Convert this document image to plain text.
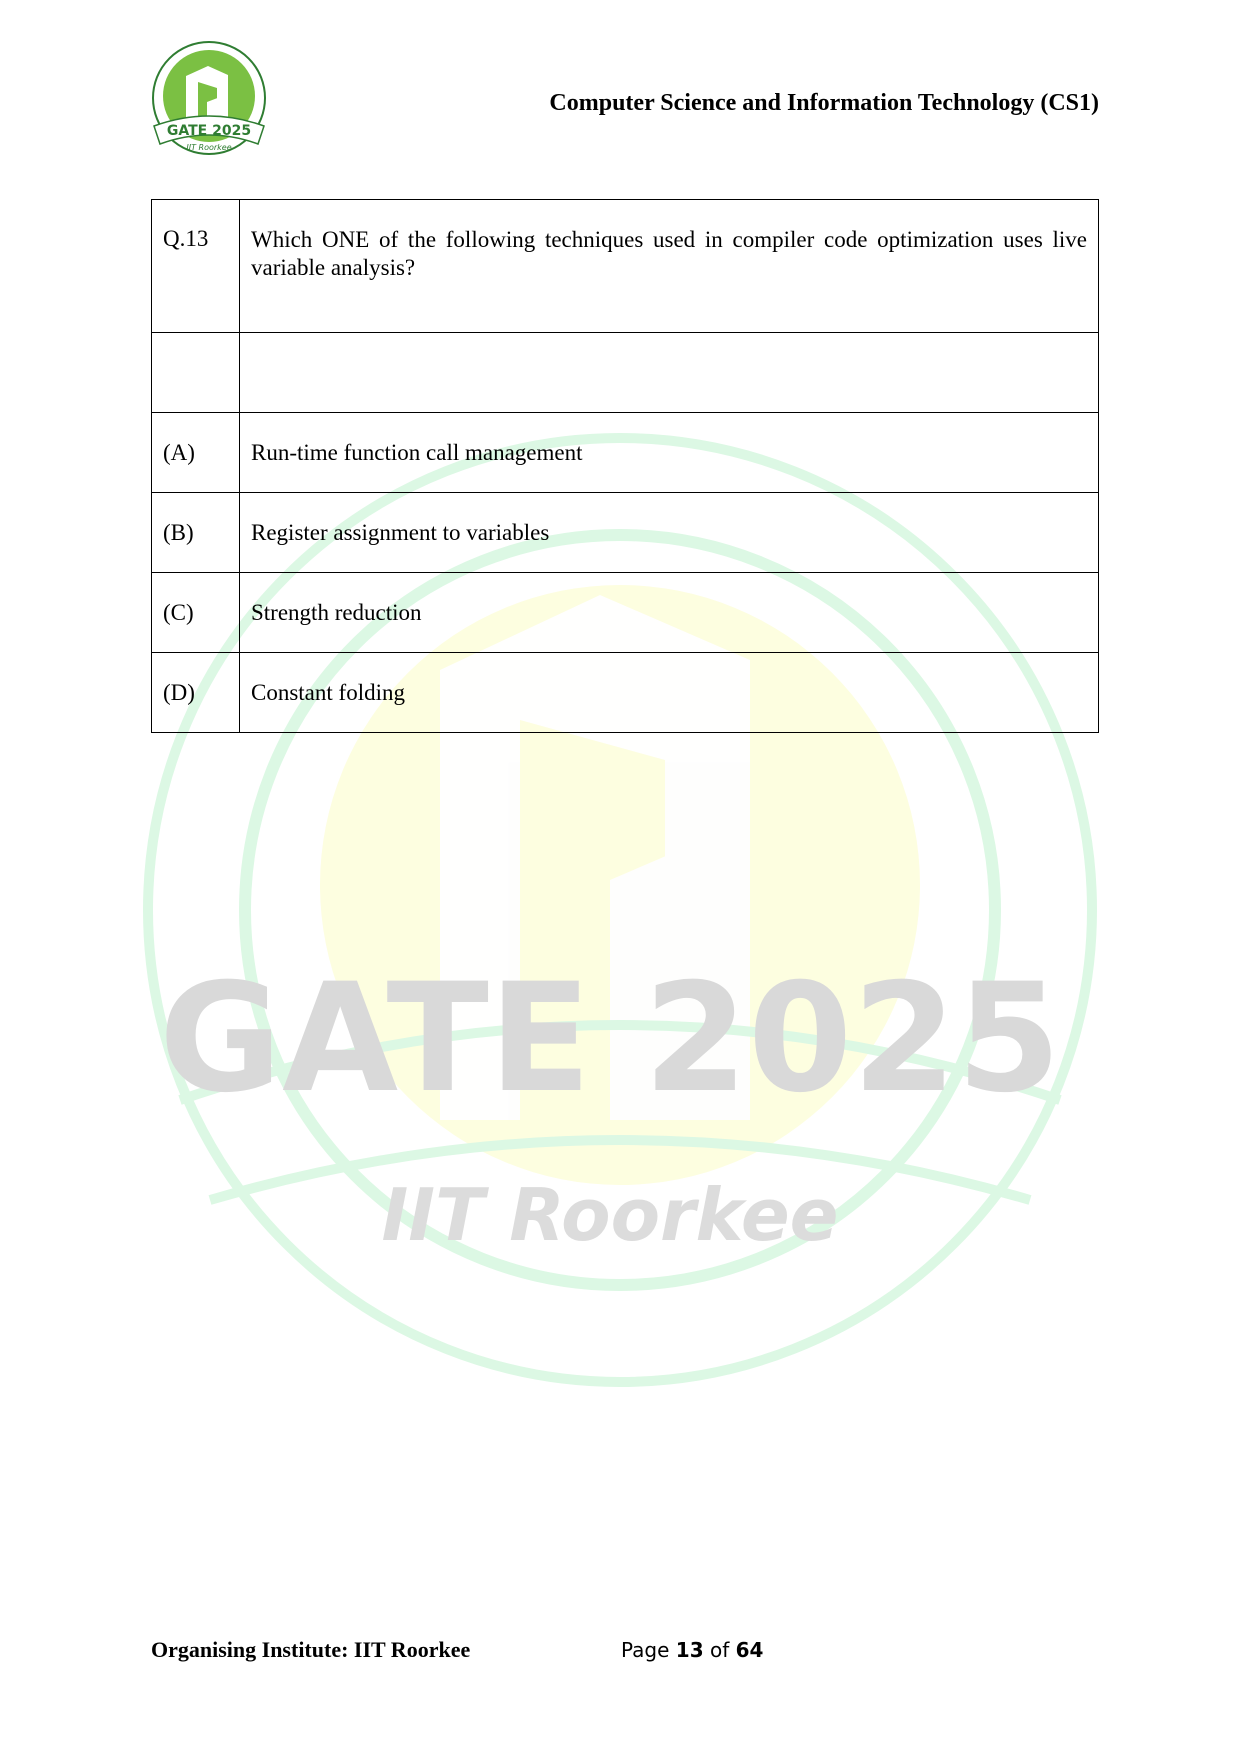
GATE 2025
IIT Roorkee
GATE 2025
IIT Roorkee
Computer Science and Information Technology (CS1)
Q.13	Which ONE of the following techniques used in compiler code optimization uses live variable analysis?

(A)	Run-time function call management
(B)	Register assignment to variables
(C)	Strength reduction
(D)	Constant folding
Organising Institute: IIT Roorkee	Page 13 of 64
